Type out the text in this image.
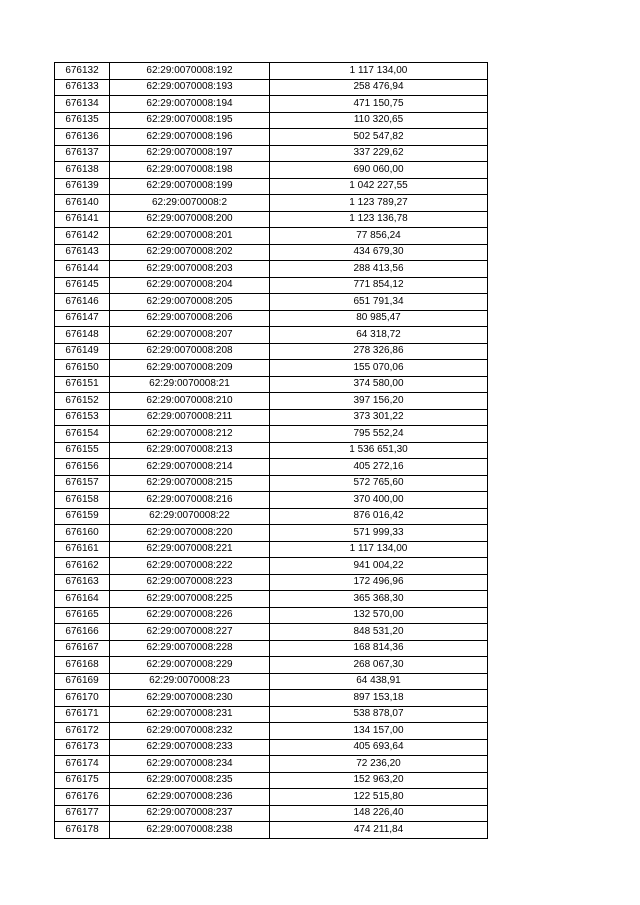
676132	62:29:0070008:192	1 117 134,00
676133	62:29:0070008:193	258 476,94
676134	62:29:0070008:194	471 150,75
676135	62:29:0070008:195	110 320,65
676136	62:29:0070008:196	502 547,82
676137	62:29:0070008:197	337 229,62
676138	62:29:0070008:198	690 060,00
676139	62:29:0070008:199	1 042 227,55
676140	62:29:0070008:2	1 123 789,27
676141	62:29:0070008:200	1 123 136,78
676142	62:29:0070008:201	77 856,24
676143	62:29:0070008:202	434 679,30
676144	62:29:0070008:203	288 413,56
676145	62:29:0070008:204	771 854,12
676146	62:29:0070008:205	651 791,34
676147	62:29:0070008:206	80 985,47
676148	62:29:0070008:207	64 318,72
676149	62:29:0070008:208	278 326,86
676150	62:29:0070008:209	155 070,06
676151	62:29:0070008:21	374 580,00
676152	62:29:0070008:210	397 156,20
676153	62:29:0070008:211	373 301,22
676154	62:29:0070008:212	795 552,24
676155	62:29:0070008:213	1 536 651,30
676156	62:29:0070008:214	405 272,16
676157	62:29:0070008:215	572 765,60
676158	62:29:0070008:216	370 400,00
676159	62:29:0070008:22	876 016,42
676160	62:29:0070008:220	571 999,33
676161	62:29:0070008:221	1 117 134,00
676162	62:29:0070008:222	941 004,22
676163	62:29:0070008:223	172 496,96
676164	62:29:0070008:225	365 368,30
676165	62:29:0070008:226	132 570,00
676166	62:29:0070008:227	848 531,20
676167	62:29:0070008:228	168 814,36
676168	62:29:0070008:229	268 067,30
676169	62:29:0070008:23	64 438,91
676170	62:29:0070008:230	897 153,18
676171	62:29:0070008:231	538 878,07
676172	62:29:0070008:232	134 157,00
676173	62:29:0070008:233	405 693,64
676174	62:29:0070008:234	72 236,20
676175	62:29:0070008:235	152 963,20
676176	62:29:0070008:236	122 515,80
676177	62:29:0070008:237	148 226,40
676178	62:29:0070008:238	474 211,84
